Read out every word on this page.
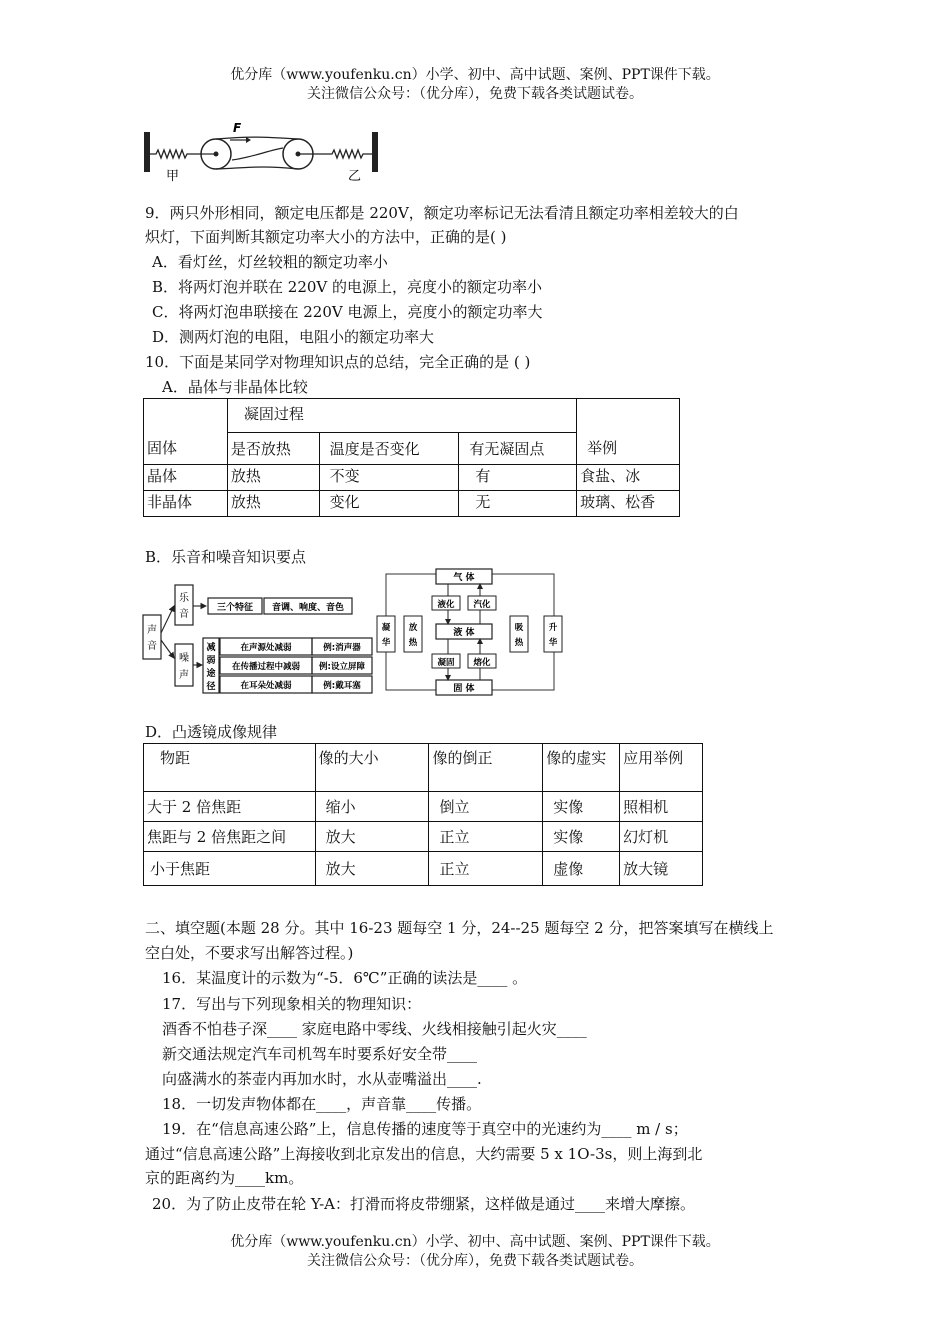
优分库（www.youfenku.cn）小学、初中、高中试题、案例、PPT课件下载。
关注微信公众号：（优分库），免费下载各类试题试卷。
F
甲	乙
9．两只外形相同，额定电压都是 220V，额定功率标记无法看清且额定功率相差较大的白
炽灯，下面判断其额定功率大小的方法中，正确的是( )
A．看灯丝，灯丝较粗的额定功率小
B．将两灯泡并联在 220V 的电源上，亮度小的额定功率小
C．将两灯泡串联接在 220V 电源上，亮度小的额定功率大
D．测两灯泡的电阻，电阻小的额定功率大
10．下面是某同学对物理知识点的总结，完全正确的是 ( )
A．晶体与非晶体比较
固体	凝固过程			举例
	是否放热	温度是否变化	有无凝固点	
晶体	放热	不变	有	食盐、冰
非晶体	放热	变化	无	玻璃、松香
B．乐音和噪音知识要点
声
音
乐
音
三个特征 音调、响度、音色
噪
声
减
弱
途
径
在声源处减弱	例:消声器
在传播过程中减弱 例:设立屏障
在耳朵处减弱	例:戴耳塞
气 体
液 体
固 体
液化 汽化
凝固 熔化
凝
华
升
华
放
热
吸
热
D．凸透镜成像规律
物距	像的大小	像的倒正	像的虚实	应用举例
大于 2 倍焦距	缩小	倒立	实像	照相机
焦距与 2 倍焦距之间	放大	正立	实像	幻灯机
小于焦距	放大	正立	虚像	放大镜
二、填空题(本题 28 分。其中 16-23 题每空 1 分，24--25 题每空 2 分，把答案填写在横线上
空白处，不要求写出解答过程。)
16．某温度计的示数为“-5．6℃”正确的读法是____ 。
17．写出与下列现象相关的物理知识：
酒香不怕巷子深____ 家庭电路中零线、火线相接触引起火灾____
新交通法规定汽车司机驾车时要系好安全带____
向盛满水的茶壶内再加水时，水从壶嘴溢出____.
18．一切发声物体都在____，声音靠____传播。
19．在“信息高速公路”上，信息传播的速度等于真空中的光速约为____ m / s；
通过“信息高速公路”上海接收到北京发出的信息，大约需要 5 x 1O-3s，则上海到北
京的距离约为____km。
20．为了防止皮带在轮 Y-A：打滑而将皮带绷紧，这样做是通过____来增大摩擦。
优分库（www.youfenku.cn）小学、初中、高中试题、案例、PPT课件下载。
关注微信公众号：（优分库），免费下载各类试题试卷。
